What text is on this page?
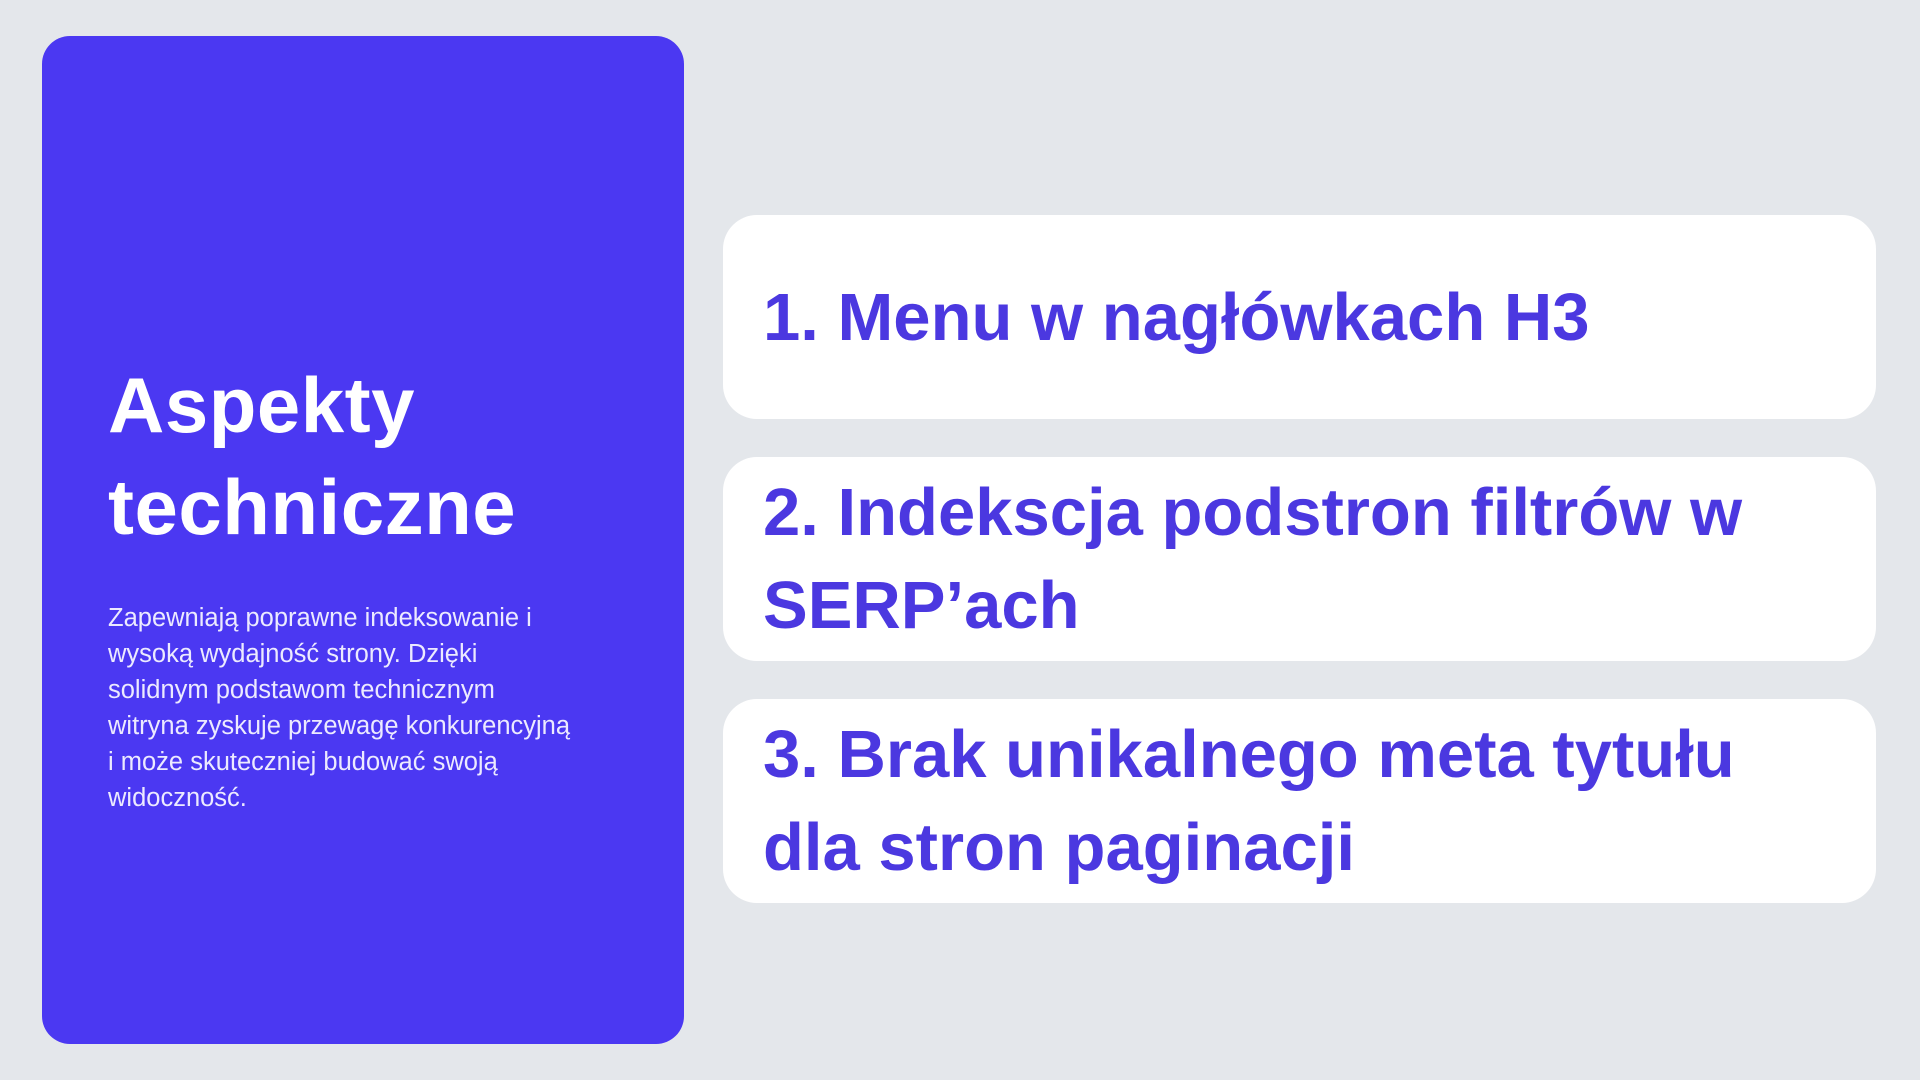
Aspekty techniczne

Zapewniają poprawne indeksowanie i wysoką wydajność strony. Dzięki solidnym podstawom technicznym witryna zyskuje przewagę konkurencyjną i może skuteczniej budować swoją widoczność.

1. Menu w nagłówkach H3
2. Indekscja podstron filtrów w SERP’ach
3. Brak unikalnego meta tytułu dla stron paginacji
